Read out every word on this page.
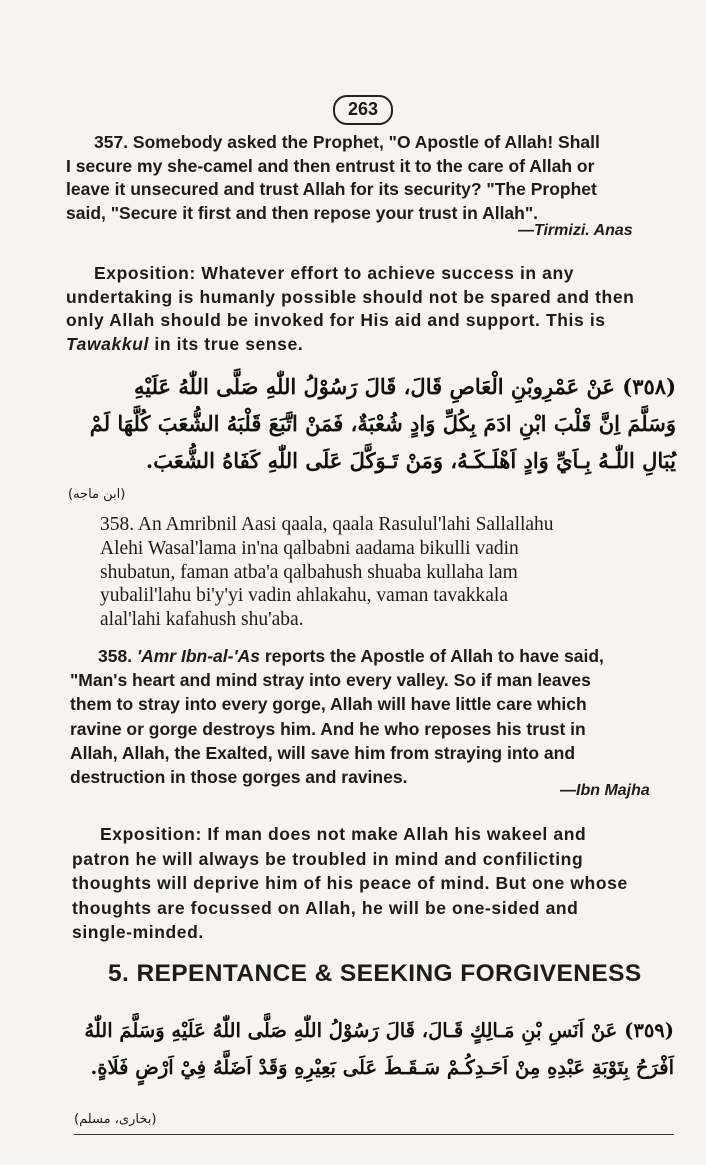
263

357. Somebody asked the Prophet, "O Apostle of Allah! Shall

I secure my she-camel and then entrust it to the care of Allah or

leave it unsecured and trust Allah for its security? "The Prophet

said, "Secure it first and then repose your trust in Allah".

—Tirmizi. Anas

Exposition: Whatever effort to achieve success in any

undertaking is humanly possible should not be spared and then

only Allah should be invoked for His aid and support. This is

Tawakkul in its true sense.

(٣٥٨) عَنْ عَمْرِوبْنِ الْعَاصِ قَالَ، قَالَ رَسُوْلُ اللّٰهِ صَلَّى اللّٰهُ عَلَيْهِ
وَسَلَّمَ اِنَّ قَلْبَ ابْنِ ادَمَ بِكُلِّ وَادٍ شُعْبَةٌ، فَمَنْ اتَّبَعَ قَلْبَهُ الشُّعَبَ كُلَّهَا لَمْ
يُبَالِ اللّٰـهُ بِـاَيِّ وَادٍ اَهْلَـكَـهُ، وَمَنْ تَـوَكَّلَ عَلَى اللّٰهِ كَفَاهُ الشُّعَبَ.
(ابن ماجه)
358. An Amribnil Aasi qaala, qaala Rasulul'lahi Sallallahu
Alehi Wasal'lama in'na qalbabni aadama bikulli vadin
shubatun, faman atba'a qalbahush shuaba kullaha lam
yubalil'lahu bi'y'yi vadin ahlakahu, vaman tavakkala
alal'lahi kafahush shu'aba.

358. 'Amr Ibn-al-'As reports the Apostle of Allah to have said,

"Man's heart and mind stray into every valley. So if man leaves

them to stray into every gorge, Allah will have little care which

ravine or gorge destroys him. And he who reposes his trust in

Allah, Allah, the Exalted, will save him from straying into and

destruction in those gorges and ravines.

—Ibn Majha

Exposition: If man does not make Allah his wakeel and

patron he will always be troubled in mind and confilicting

thoughts will deprive him of his peace of mind. But one whose

thoughts are focussed on Allah, he will be one-sided and

single-minded.

5. REPENTANCE & SEEKING FORGIVENESS
(٣٥٩) عَنْ اَنَسِ بْنِ مَـالِكٍ قَـالَ، قَالَ رَسُوْلُ اللّٰهِ صَلَّى اللّٰهُ عَلَيْهِ وَسَلَّمَ اللّٰهُ
اَفْرَحُ بِتَوْبَةِ عَبْدِهِ مِنْ اَحَـدِكُـمْ سَـقَـطَ عَلَى بَعِيْرِهِ وَقَدْ اَضَلَّهُ فِيْ اَرْضٍ فَلَاةٍ.
(بخاری، مسلم)
